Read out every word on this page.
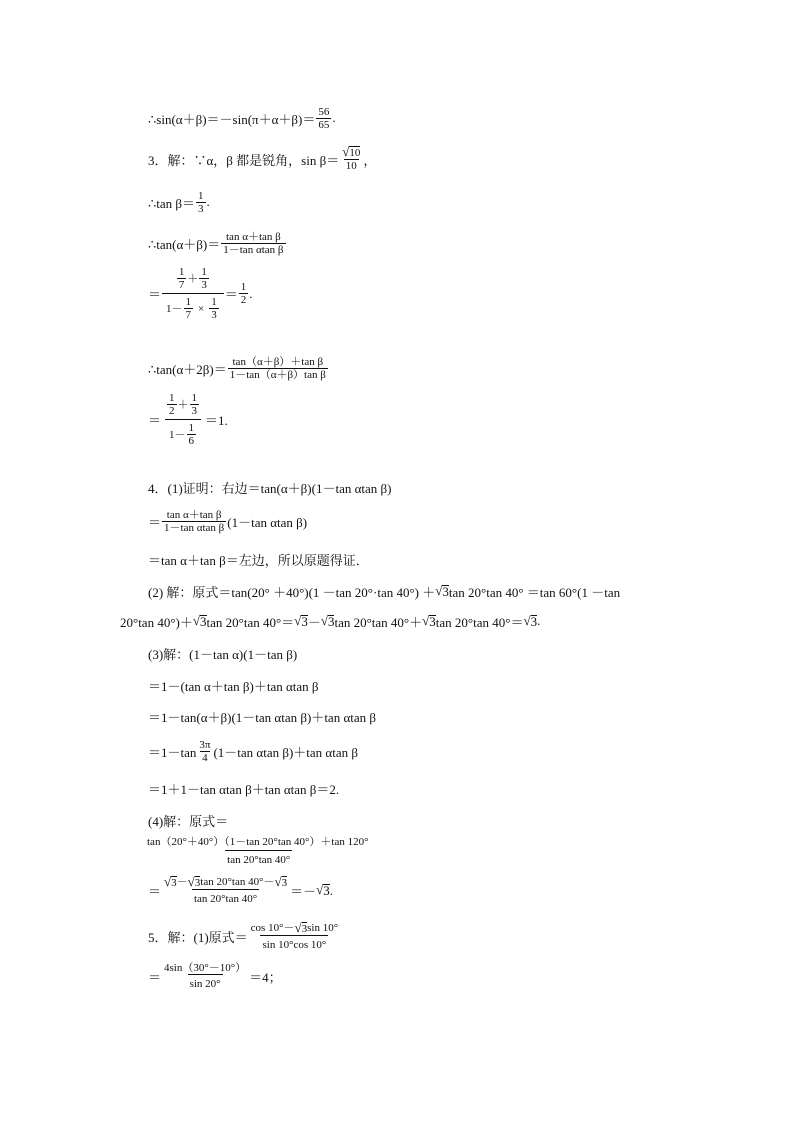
∴sin(α＋β)＝－sin(π＋α＋β)＝ $\frac{56}{65}$ .
3．解：∵α，β 都是锐角，$\sin \beta= \frac{√ 10}{10}$ ，
∴tan $\beta= \frac{1}{3}$ .
∴tan(α＋β)＝ $\frac{\text{tan α＋tan β}}{\text{1－tan αtan β}}$
＝ $\frac{\frac{1}{7} + \frac{1}{3}}{1- \frac{1}{7} \times \frac{1}{3}} = \frac{1}{2}$ .
∴tan(α＋2β)＝ $\frac{\text{tan（α＋β）＋tan β}}{\text{1－tan（α＋β）tan β}}$
＝ $\frac{\frac{1}{2} + \frac{1}{3}}{1- \frac{1}{6}} =1$.
4．(1)证明：右边＝tan(α＋β)(1－tan αtan β)
＝ $\frac{\text{tan α＋tan β}}{\text{1－tan αtan β}} (1-\tan$ αtan β)
＝tan α＋tan β＝左边，所以原题得证．
(2) 解：原式＝tan(20° ＋40°)(1 －tan 20°·tan 40°) ＋ √ 3 tan 20°tan 40° ＝tan 60°(1 －tan
20°tan 40°)＋ √ 3 tan 20°tan 40°＝ √ 3 － √ 3 tan 20°tan 40°＋ √ 3 tan 20°tan 40°＝ √ 3 .
(3)解：(1－tan α)(1－tan β)
＝1－(tan α＋tan β)＋tan αtan β
＝1－tan(α＋β)(1－tan αtan β)＋tan αtan β
$=1-\tan \frac{3\pi}{4} (1-\tan$ αtan β)＋tan αtan β
＝1＋1－tan αtan β＋tan αtan β＝2.
(4)解：原式＝
$\frac{\tan(20^\circ+40^\circ)(1-\tan 20^\circ\tan 40^\circ)+\tan 120^\circ}{\tan 20^\circ\tan 40^\circ}$
＝ $\frac{√ 3 - √ 3 \tan 20^\circ\tan 40^\circ- √ 3}{\tan 20^\circ\tan 40^\circ}$ ＝－ √ 3 .
5．解：(1)原式＝ $\frac{\cos 10^\circ- √ 3 \sin 10^\circ}{\sin 10^\circ\cos 10^\circ}$
＝ $\frac{4\sin(30^\circ-10^\circ)}{\sin 20^\circ} =4$；
